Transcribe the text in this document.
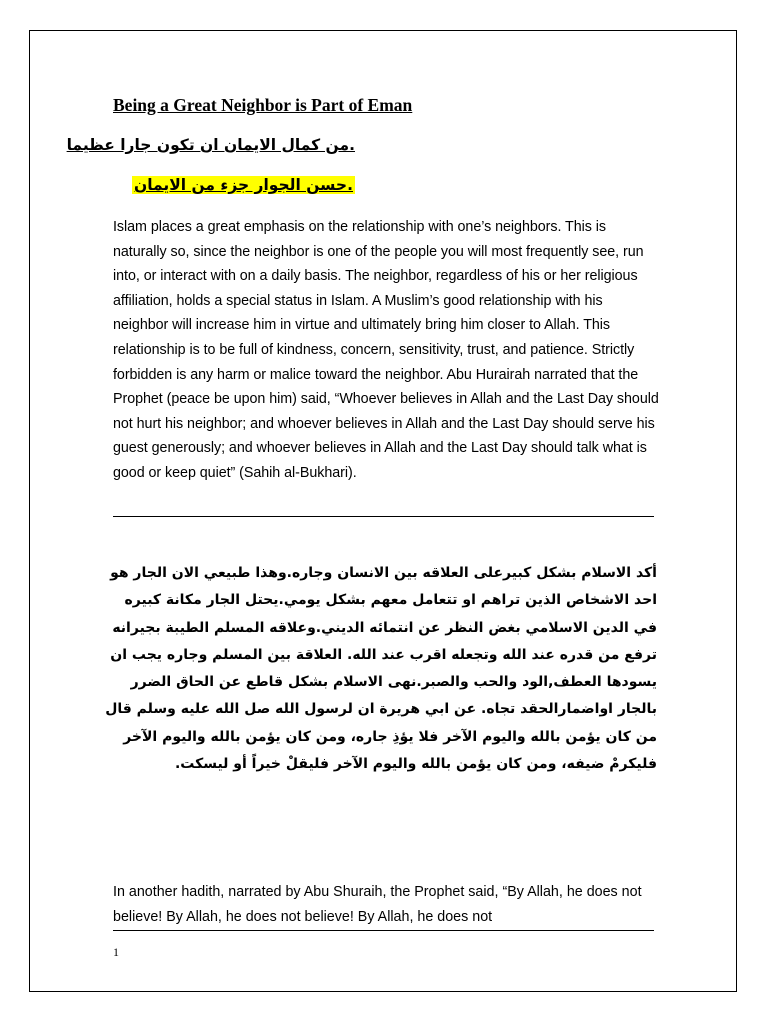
Being a Great Neighbor is Part of Eman

.من كمال الايمان ان تكون جارا عظيما

.حسن الجوار جزء من الايمان

Islam places a great emphasis on the relationship with one’s neighbors. This is naturally so, since the neighbor is one of the people you will most frequently see, run into, or interact with on a daily basis. The neighbor, regardless of his or her religious affiliation, holds a special status in Islam. A Muslim’s good relationship with his neighbor will increase him in virtue and ultimately bring him closer to Allah. This relationship is to be full of kindness, concern, sensitivity, trust, and patience. Strictly forbidden is any harm or malice toward the neighbor. Abu Hurairah narrated that the Prophet (peace be upon him) said, “Whoever believes in Allah and the Last Day should not hurt his neighbor; and whoever believes in Allah and the Last Day should serve his guest generously; and whoever believes in Allah and the Last Day should talk what is good or keep quiet” (Sahih al-Bukhari).

أكد الاسلام بشكل كبيرعلى العلاقه بين الانسان وجاره.وهذا طبيعي الان الجار هو احد الاشخاص الذين تراهم او تتعامل معهم بشكل يومي.يحتل الجار مكانة كبيره في الدين الاسلامي بغض النظر عن انتمائه الديني.وعلاقه المسلم الطيبة بجيرانه ترفع من قدره عند الله وتجعله اقرب عند الله. العلاقة بين المسلم وجاره يجب ان يسودها العطف,الود والحب والصبر.نهى الاسلام بشكل قاطع عن الحاق الضرر بالجار اواضمارالحقد تجاه. عن ابي هريرة ان لرسول الله صل الله عليه وسلم قال من كان يؤمن بالله واليوم الآخر فلا يؤذِ جاره، ومن كان يؤمن بالله واليوم الآخر فليكرمْ ضيفه، ومن كان يؤمن بالله واليوم الآخر فليقلْ خيراً أو ليسكت.

In another hadith, narrated by Abu Shuraih, the Prophet said, “By Allah, he does not believe! By Allah, he does not believe! By Allah, he does not

1
